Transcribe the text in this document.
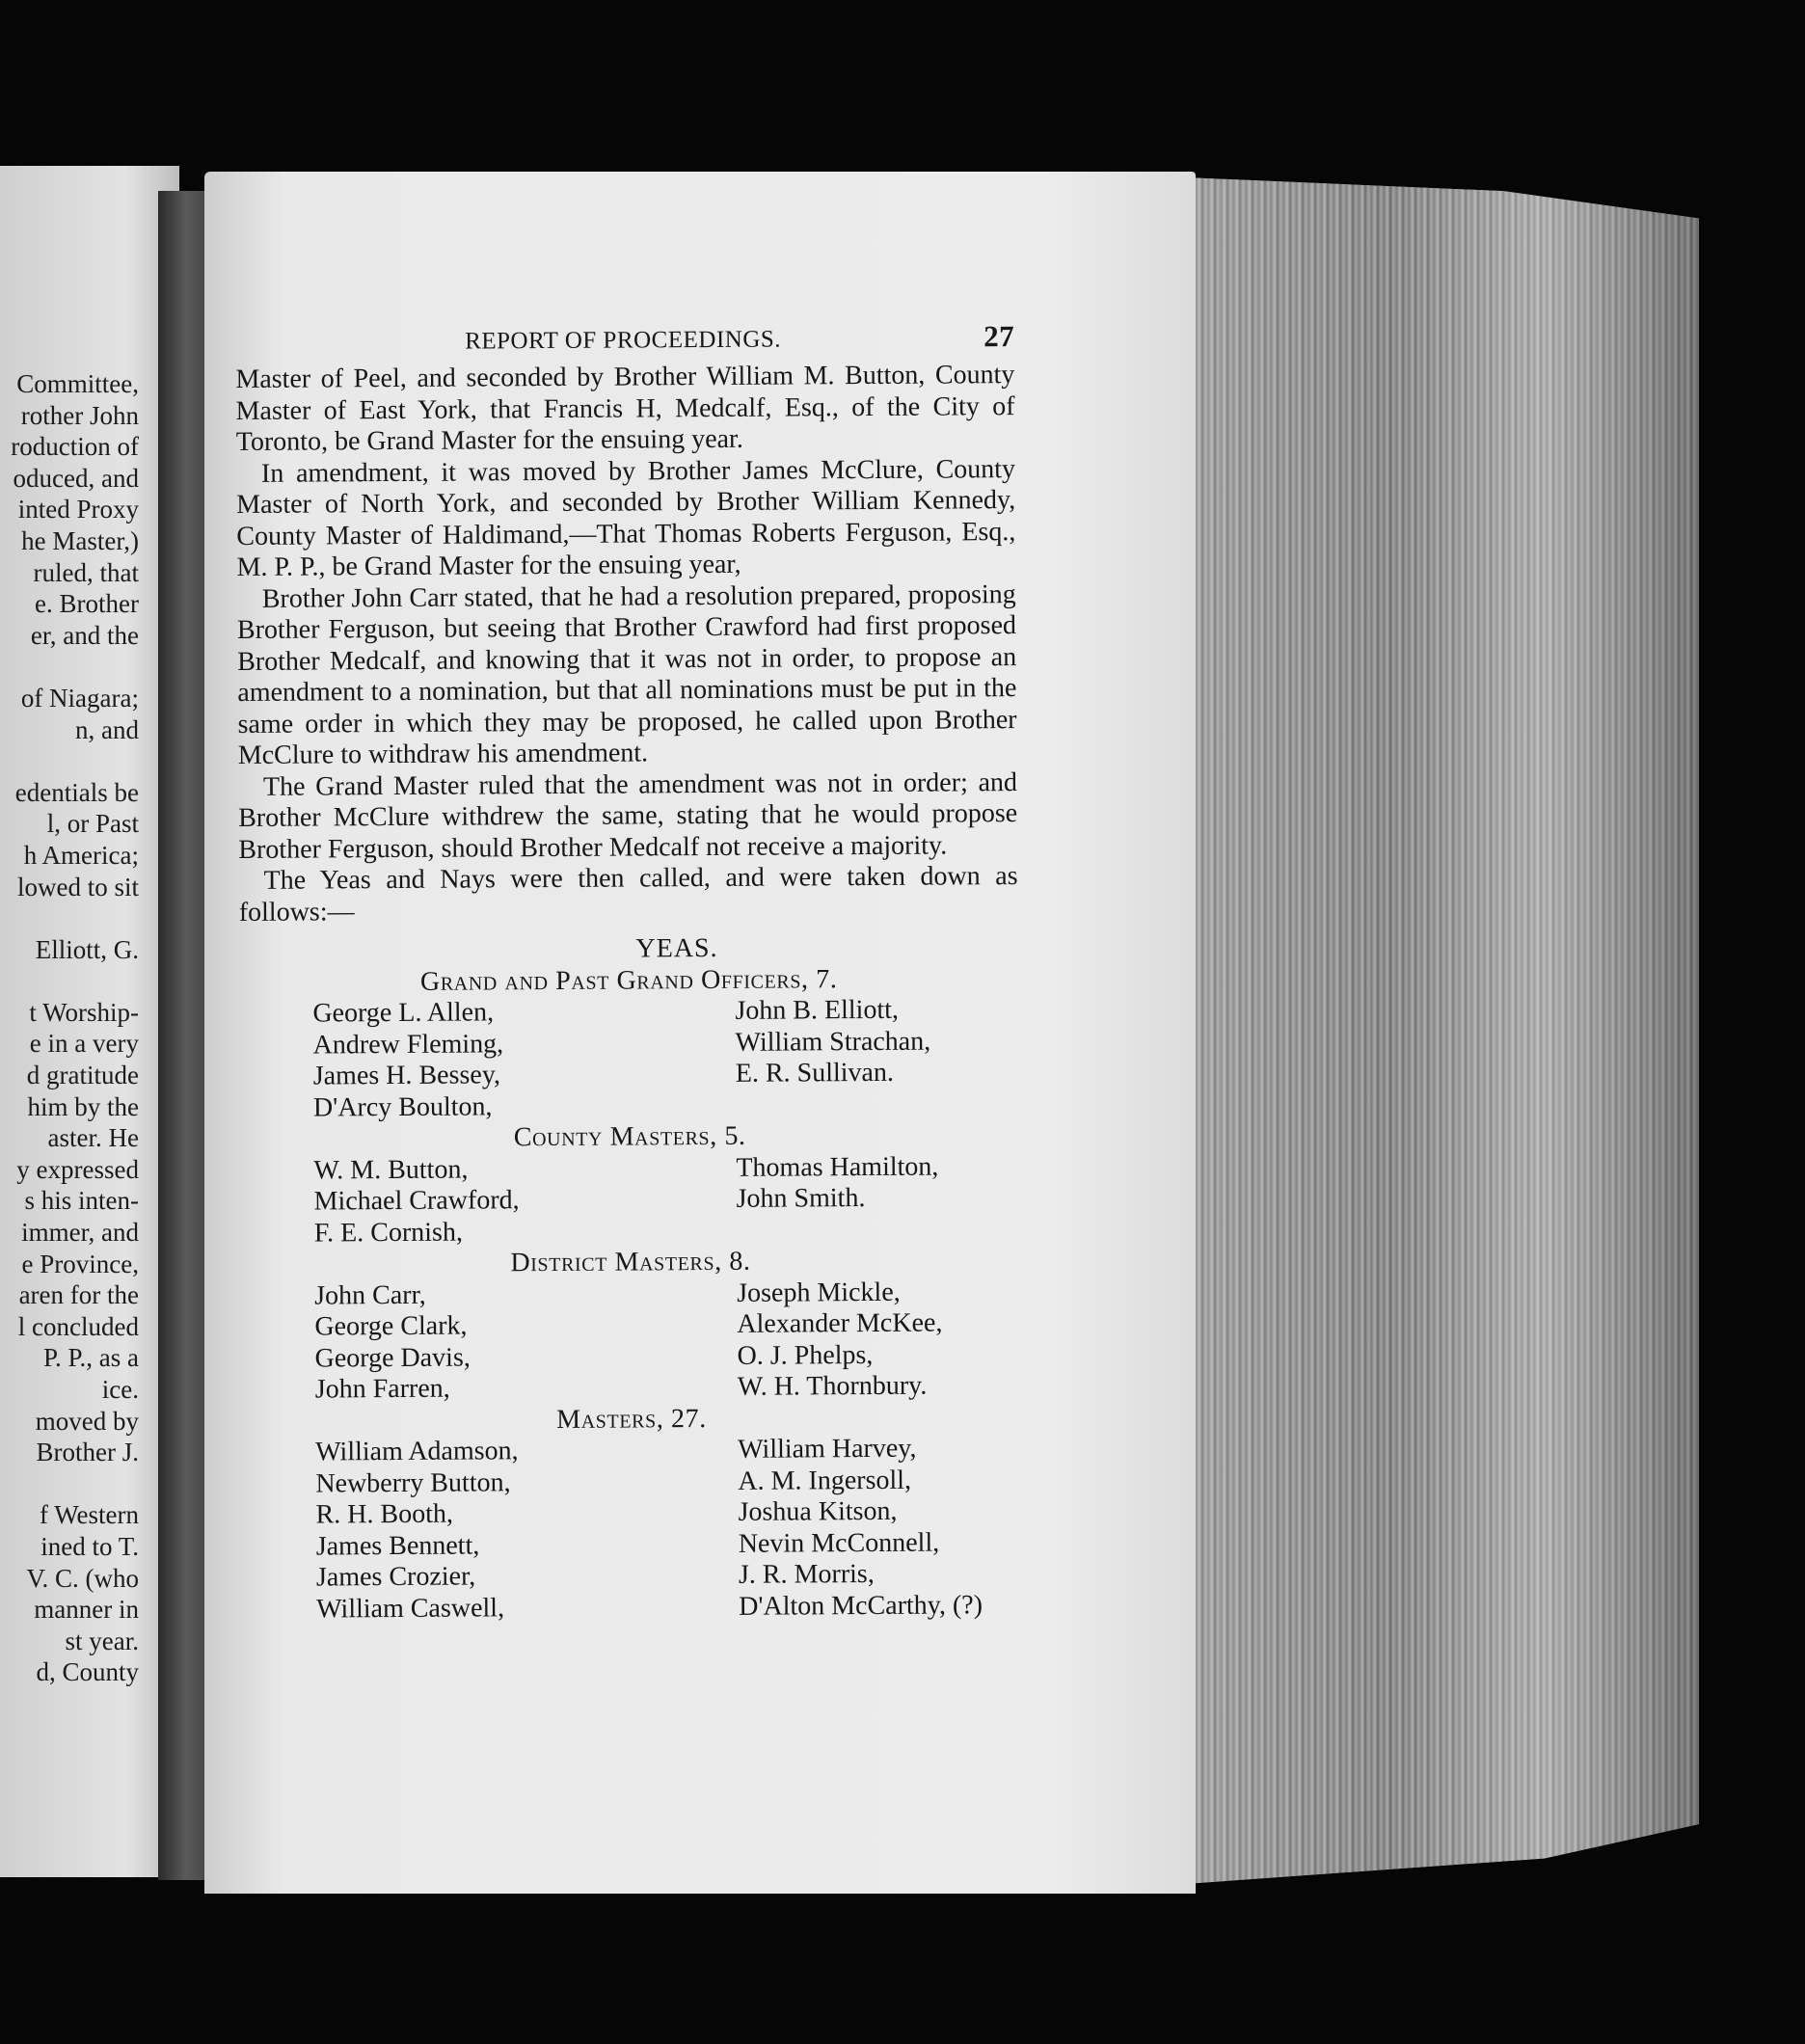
Committee,
rother John
roduction of
oduced, and
inted Proxy
he Master,)
ruled, that
e. Brother
er, and the
of Niagara;
n, and
edentials be
l, or Past
h America;
lowed to sit
Elliott, G.
t Worship-
e in a very
d gratitude
him by the
aster. He
y expressed
s his inten-
immer, and
e Province,
aren for the
l concluded
P. P., as a
ice.
moved by
Brother J.
f Western
ined to T.
V. C. (who
manner in
st year.
d, County
REPORT OF PROCEEDINGS.	27

Master of Peel, and seconded by Brother William M. Button, County Master of East York, that Francis H, Medcalf, Esq., of the City of Toronto, be Grand Master for the ensuing year.

In amendment, it was moved by Brother James McClure, County Master of North York, and seconded by Brother William Kennedy, County Master of Haldimand,—That Thomas Roberts Ferguson, Esq., M. P. P., be Grand Master for the ensuing year,

Brother John Carr stated, that he had a resolution prepared, proposing Brother Ferguson, but seeing that Brother Crawford had first proposed Brother Medcalf, and knowing that it was not in order, to propose an amendment to a nomination, but that all nominations must be put in the same order in which they may be proposed, he called upon Brother McClure to withdraw his amendment.

The Grand Master ruled that the amendment was not in order; and Brother McClure withdrew the same, stating that he would propose Brother Ferguson, should Brother Medcalf not receive a majority.

The Yeas and Nays were then called, and were taken down as follows:—

YEAS.
Grand and Past Grand Officers, 7.
George L. Allen,
Andrew Fleming,
James H. Bessey,
D'Arcy Boulton,
John B. Elliott,
William Strachan,
E. R. Sullivan.
County Masters, 5.
W. M. Button,
Michael Crawford,
F. E. Cornish,
Thomas Hamilton,
John Smith.
District Masters, 8.
John Carr,
George Clark,
George Davis,
John Farren,
Joseph Mickle,
Alexander McKee,
O. J. Phelps,
W. H. Thornbury.
Masters, 27.
William Adamson,
Newberry Button,
R. H. Booth,
James Bennett,
James Crozier,
William Caswell,
William Harvey,
A. M. Ingersoll,
Joshua Kitson,
Nevin McConnell,
J. R. Morris,
D'Alton McCarthy, (?)
